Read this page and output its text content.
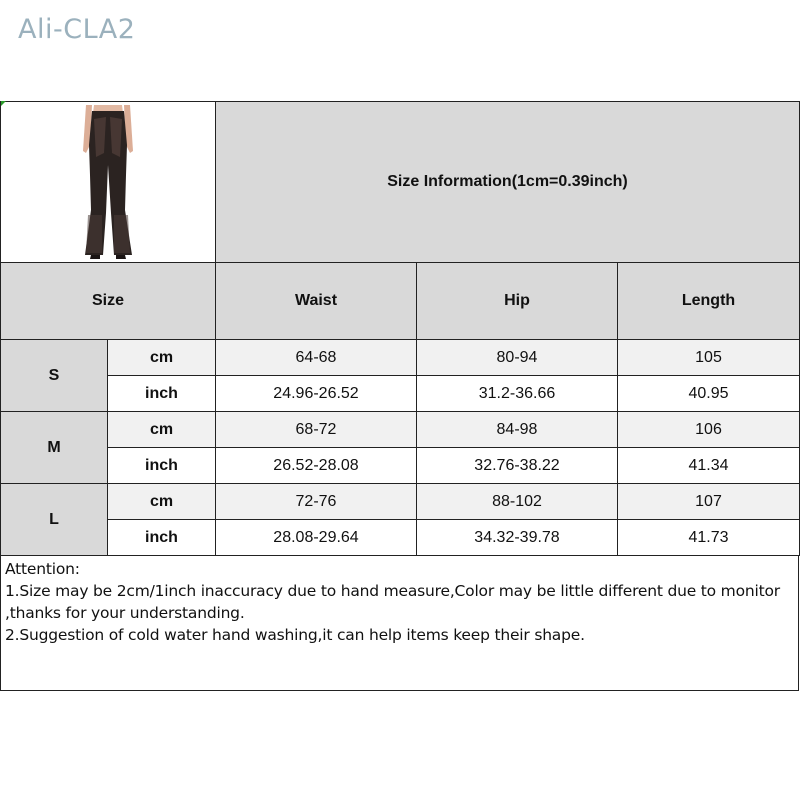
Ali-CLA2
	Size Information(1cm=0.39inch)		
Size		Waist	Hip	Length
S	cm	64-68	80-94	105
	inch	24.96-26.52	31.2-36.66	40.95
M	cm	68-72	84-98	106
	inch	26.52-28.08	32.76-38.22	41.34
L	cm	72-76	88-102	107
	inch	28.08-29.64	34.32-39.78	41.73
Attention:
1.Size may be 2cm/1inch inaccuracy due to hand measure,Color may be little different due to monitor
,thanks for your understanding.
2.Suggestion of cold water hand washing,it can help items keep their shape.
